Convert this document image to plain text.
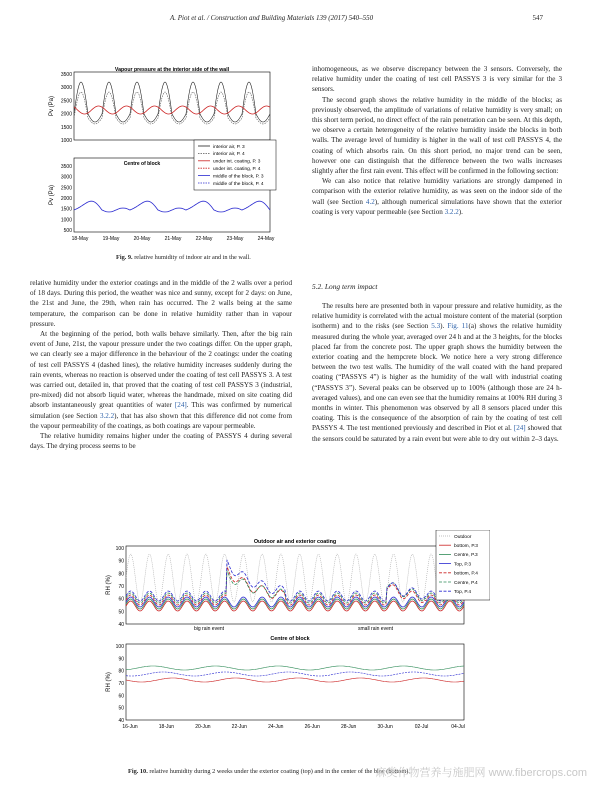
A. Piot et al. / Construction and Building Materials 139 (2017) 540–550	547
Vapour pressure at the interior side of the wall
3500
3000
2500
2000
1500
1000
Centre of block
3500
3000
2500
2000
1500
1000
500
18-May	19-May	20-May	21-May	22-May	23-May	24-May
Pv (Pa)
Pv (Pa)
interior air, P. 3
interior air, P. 4
under int. coating, P. 3
under int. coating, P. 4
middle of the block, P. 3
middle of the block, P. 4
Fig. 9. relative humidity of indoor air and in the wall.

inhomogeneous, as we observe discrepancy between the 3 sensors. Conversely, the relative humidity under the coating of test cell PASSYS 3 is very similar for the 3 sensors.

The second graph shows the relative humidity in the middle of the blocks; as previously observed, the amplitude of variations of relative humidity is very small; on this short term period, no direct effect of the rain penetration can be seen. At this depth, we observe a certain heterogeneity of the relative humidity inside the blocks in both walls. The average level of humidity is higher in the wall of test cell PASSYS 4, the coating of which absorbs rain. On this short period, no major trend can be seen, however one can distinguish that the difference between the two walls increases slightly after the first rain event. This effect will be confirmed in the following section:

We can also notice that relative humidity variations are strongly dampened in comparison with the exterior relative humidity, as was seen on the indoor side of the wall (see Section 4.2), although numerical simulations have shown that the exterior coating is very vapour permeable (see Section 3.2.2).

relative humidity under the exterior coatings and in the middle of the 2 walls over a period of 18 days. During this period, the weather was nice and sunny, except for 2 days: on June, the 21st and June, the 29th, when rain has occurred. The 2 walls being at the same temperature, the comparison can be done in relative humidity rather than in vapour pressure.

At the beginning of the period, both walls behave similarly. Then, after the big rain event of June, 21st, the vapour pressure under the two coatings differ. On the upper graph, we can clearly see a major difference in the behaviour of the 2 coatings: under the coating of test cell PASSYS 4 (dashed lines), the relative humidity increases suddenly during the rain events, whereas no reaction is observed under the coating of test cell PASSYS 3. A test was carried out, detailed in, that proved that the coating of test cell PASSYS 3 (industrial, pre-mixed) did not absorb liquid water, whereas the handmade, mixed on site coating did absorb instantaneously great quantities of water [24]. This was confirmed by numerical simulation (see Section 3.2.2), that has also shown that this difference did not come from the vapour permeability of the coatings, as both coatings are vapour permeable.

The relative humidity remains higher under the coating of PASSYS 4 during several days. The drying process seems to be

5.2. Long term impact

The results here are presented both in vapour pressure and relative humidity, as the relative humidity is correlated with the actual moisture content of the material (sorption isotherm) and to the risks (see Section 5.3). Fig. 11(a) shows the relative humidity measured during the whole year, averaged over 24 h and at the 3 heights, for the blocks placed far from the concrete post. The upper graph shows the humidity between the exterior coating and the hempcrete block. We notice here a very strong difference between the two test walls. The humidity of the wall coated with the hand prepared coating (“PASSYS 4”) is higher as the humidity of the wall with industrial coating (“PASSYS 3”). Several peaks can be observed up to 100% (although those are 24 h-averaged values), and one can even see that the humidity remains at 100% RH during 3 months in winter. This phenomenon was observed by all 8 sensors placed under this coating. This is the consequence of the absorption of rain by the coating of test cell PASSYS 4. The test mentioned previously and described in Piot et al. [24] showed that the sensors could be saturated by a rain event but were able to dry out within 2–3 days.

Outdoor air and exterior coating
Centre of block
100
90
80
70
60
50
40
100
90
80
70
60
50
40
16-Jun	18-Jun	20-Jun	22-Jun	24-Jun	26-Jun	28-Jun	30-Jun	02-Jul	04-Jul
RH (%)
RH (%)
big rain event	small rain event
Outdoor
bottom, P.3
Centre, P.3
Top, P.3
bottom, P.4
Centre, P.4
Top, P.4
Fig. 10. relative humidity during 2 weeks under the exterior coating (top) and in the center of the bloc (bottom).
麻类作物营养与施肥网 www.fibercrops.com
